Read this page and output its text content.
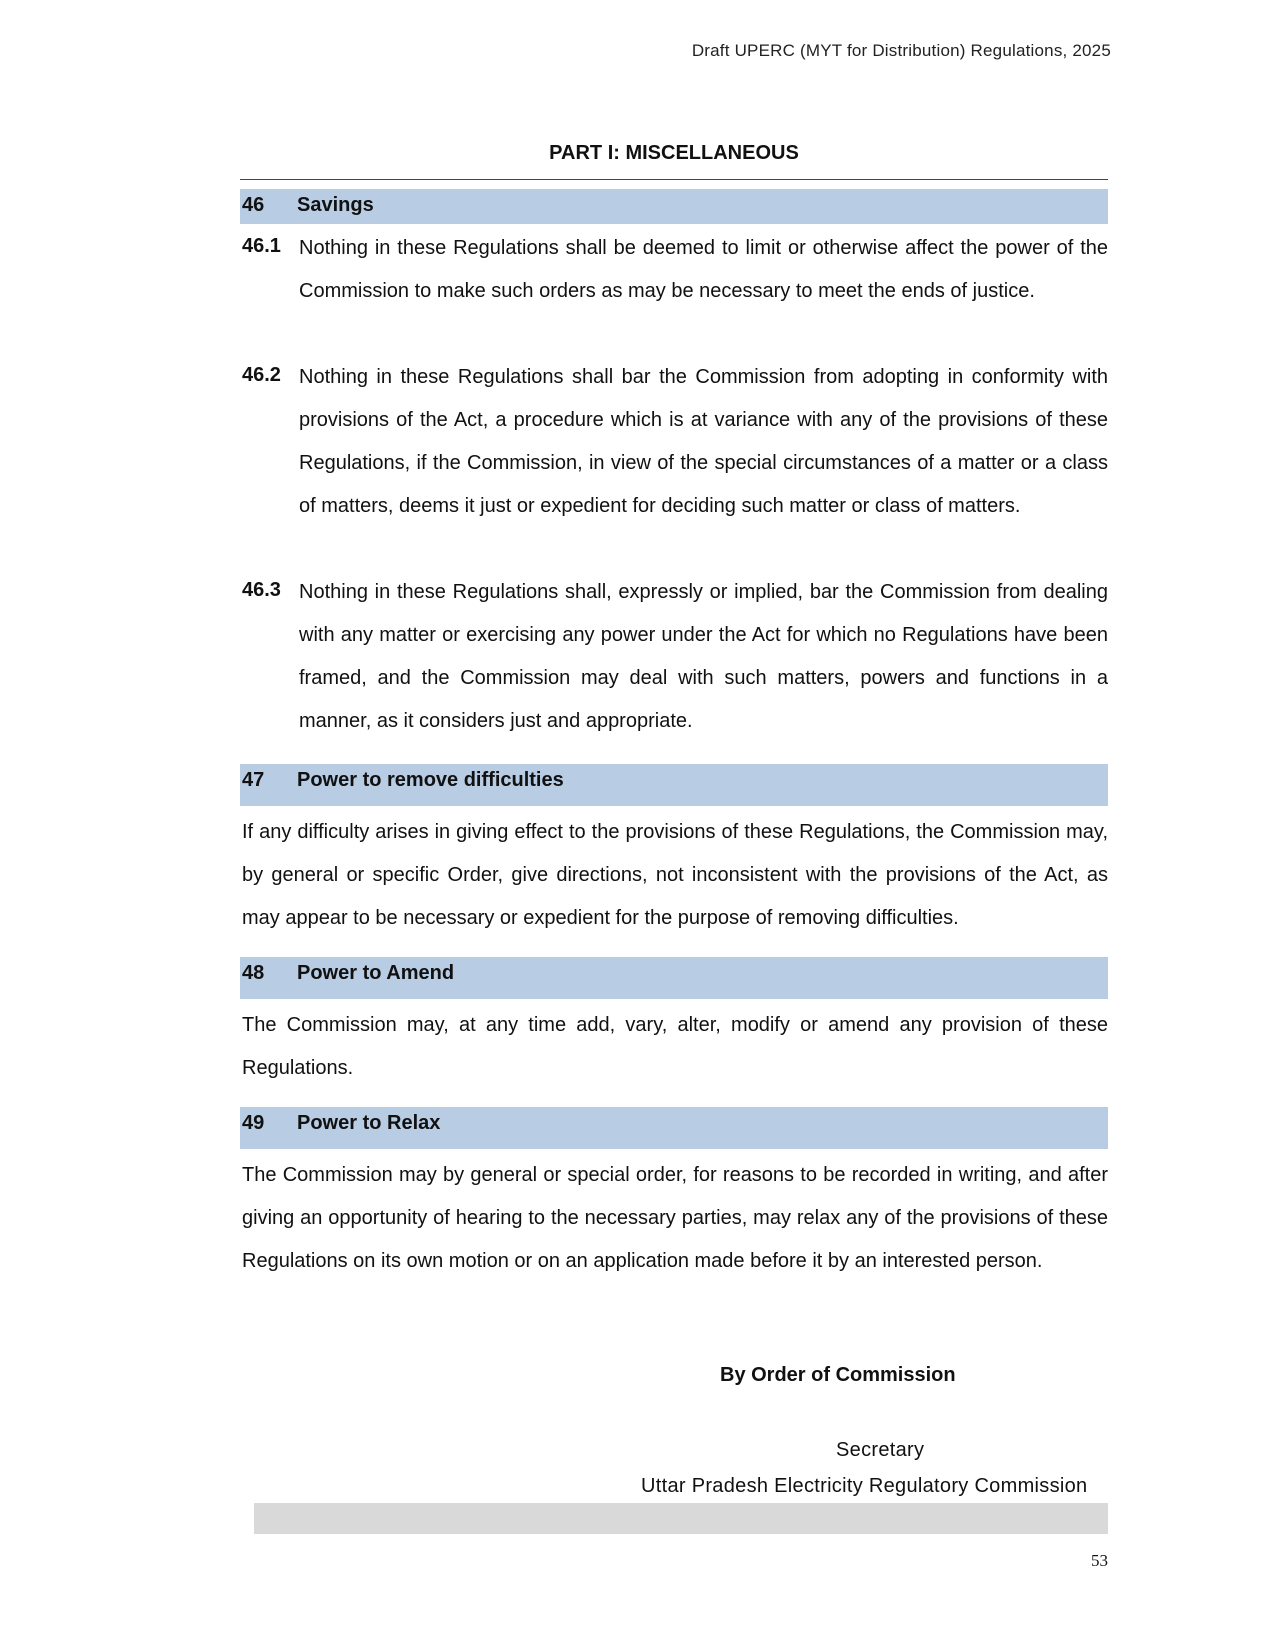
Draft UPERC (MYT for Distribution) Regulations, 2025
PART I: MISCELLANEOUS
46 Savings
46.1 Nothing in these Regulations shall be deemed to limit or otherwise affect the power of the Commission to make such orders as may be necessary to meet the ends of justice.
46.2 Nothing in these Regulations shall bar the Commission from adopting in conformity with provisions of the Act, a procedure which is at variance with any of the provisions of these Regulations, if the Commission, in view of the special circumstances of a matter or a class of matters, deems it just or expedient for deciding such matter or class of matters.
46.3 Nothing in these Regulations shall, expressly or implied, bar the Commission from dealing with any matter or exercising any power under the Act for which no Regulations have been framed, and the Commission may deal with such matters, powers and functions in a manner, as it considers just and appropriate.
47 Power to remove difficulties
If any difficulty arises in giving effect to the provisions of these Regulations, the Commission may, by general or specific Order, give directions, not inconsistent with the provisions of the Act, as may appear to be necessary or expedient for the purpose of removing difficulties.
48 Power to Amend
The Commission may, at any time add, vary, alter, modify or amend any provision of these Regulations.
49 Power to Relax
The Commission may by general or special order, for reasons to be recorded in writing, and after giving an opportunity of hearing to the necessary parties, may relax any of the provisions of these Regulations on its own motion or on an application made before it by an interested person.
By Order of Commission
Secretary
Uttar Pradesh Electricity Regulatory Commission
53
